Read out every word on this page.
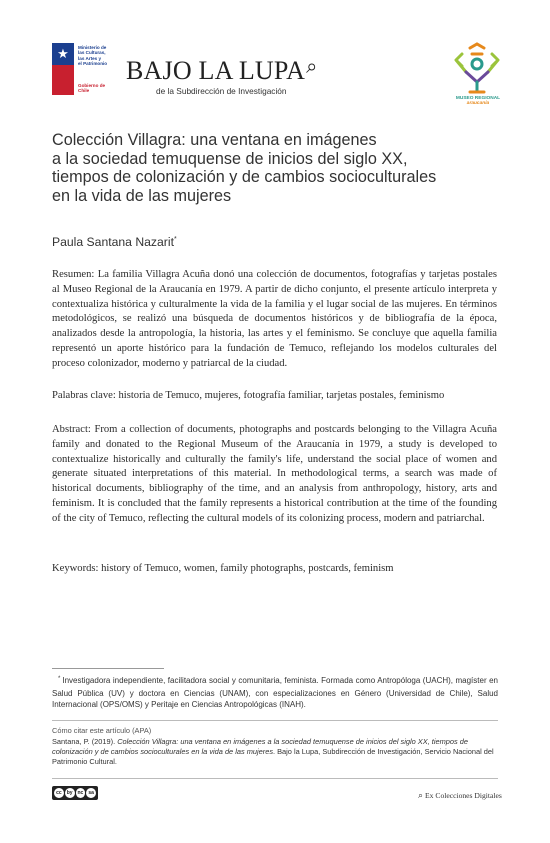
★	Ministerio de
las Culturas,
las Artes y
el Patrimonio
Gobierno de Chile
BAJO LA LUPA⌕
de la Subdirección de Investigación
MUSEO REGIONAL
araucanía
Colección Villagra: una ventana en imágenes
a la sociedad temuquense de inicios del siglo XX,
tiempos de colonización y de cambios socioculturales
en la vida de las mujeres
Paula Santana Nazarit*

Resumen: La familia Villagra Acuña donó una colección de documentos, fotografías y tarjetas postales al Museo Regional de la Araucanía en 1979. A partir de dicho conjunto, el presente artículo interpreta y contextualiza histórica y culturalmente la vida de la familia y el lugar social de las mujeres. En términos metodológicos, se realizó una búsqueda de documentos históricos y de bibliografía de la época, analizados desde la antropología, la historia, las artes y el feminismo. Se concluye que aquella familia representó un aporte histórico para la fundación de Temuco, reflejando los modelos culturales del proceso colonizador, moderno y patriarcal de la ciudad.

Palabras clave: historia de Temuco, mujeres, fotografía familiar, tarjetas postales, feminismo

Abstract: From a collection of documents, photographs and postcards belonging to the Villagra Acuña family and donated to the Regional Museum of the Araucanía in 1979, a study is developed to contextualize historically and culturally the family's life, understand the social place of women and generate situated interpretations of this material. In methodological terms, a search was made of historical documents, bibliography of the time, and an analysis from anthropology, history, arts and feminism. It is concluded that the family represents a historical contribution at the time of the founding of the city of Temuco, reflecting the cultural models of its colonizing process, modern and patriarchal.

Keywords: history of Temuco, women, family photographs, postcards, feminism

* Investigadora independiente, facilitadora social y comunitaria, feminista. Formada como Antropóloga (UACH), magíster en Salud Pública (UV) y doctora en Ciencias (UNAM), con especializaciones en Género (Universidad de Chile), Salud Internacional (OPS/OMS) y Peritaje en Ciencias Antropológicas (INAH).

Cómo citar este artículo (APA)

Santana, P. (2019). Colección Villagra: una ventana en imágenes a la sociedad temuquense de inicios del siglo XX, tiempos de colonización y de cambios socioculturales en la vida de las mujeres. Bajo la Lupa, Subdirección de Investigación, Servicio Nacional del Patrimonio Cultural.

cc	by nc	sa	⌕ Ex Colecciones Digitales
